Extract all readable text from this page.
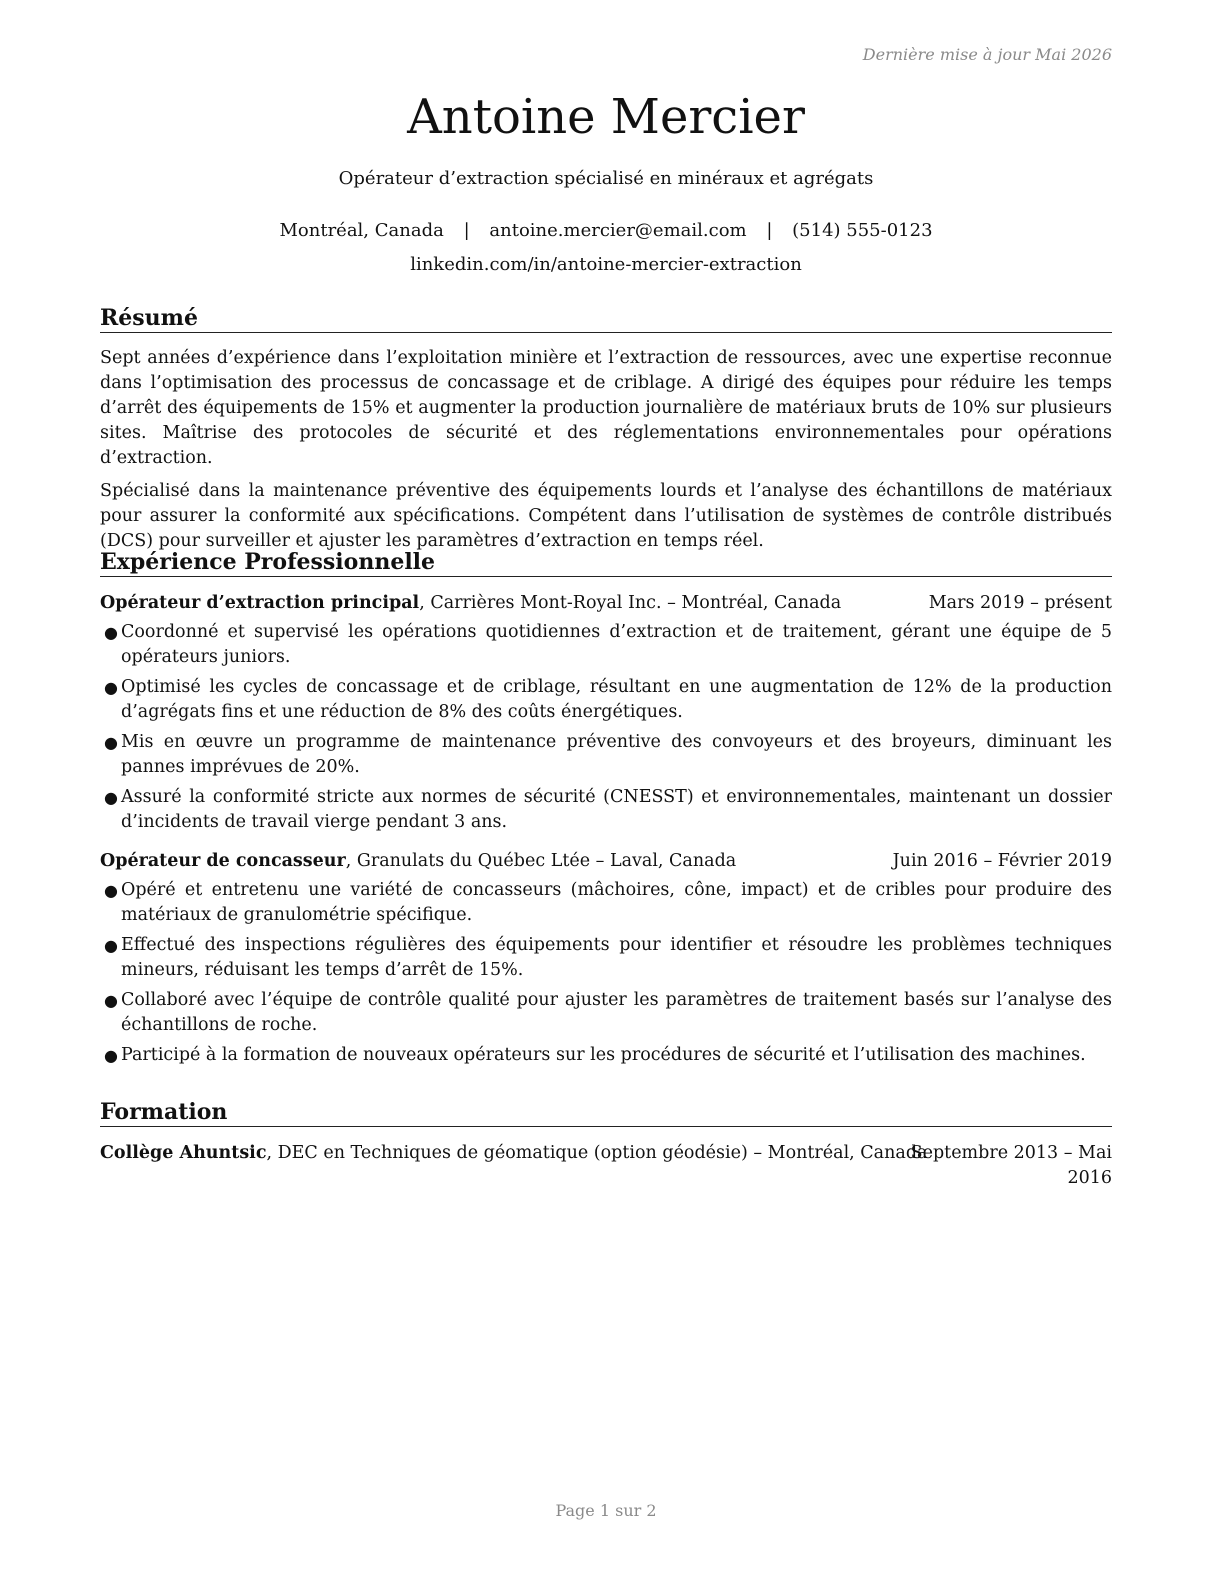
Dernière mise à jour Mai 2026
Antoine Mercier
Opérateur d’extraction spécialisé en minéraux et agrégats
Montréal, Canada | antoine.mercier@email.com | (514) 555-0123
linkedin.com/in/antoine-mercier-extraction
Résumé

Sept années d’expérience dans l’exploitation minière et l’extraction de ressources, avec une expertise reconnue dans l’optimisation des processus de concassage et de criblage. A dirigé des équipes pour réduire les temps d’arrêt des équipements de 15% et augmenter la production journalière de matériaux bruts de 10% sur plusieurs sites. Maîtrise des protocoles de sécurité et des réglementations environnementales pour opérations d’extraction.

Spécialisé dans la maintenance préventive des équipements lourds et l’analyse des échantillons de matériaux pour assurer la conformité aux spécifications. Compétent dans l’utilisation de systèmes de contrôle distribués (DCS) pour surveiller et ajuster les paramètres d’extraction en temps réel.

Expérience Professionnelle
Opérateur d’extraction principal, Carrières Mont-Royal Inc. – Montréal, Canada	Mars 2019 – présent
● Coordonné et supervisé les opérations quotidiennes d’extraction et de traitement, gérant une équipe de 5 opérateurs juniors.
● Optimisé les cycles de concassage et de criblage, résultant en une augmentation de 12% de la production d’agrégats fins et une réduction de 8% des coûts énergétiques.
● Mis en œuvre un programme de maintenance préventive des convoyeurs et des broyeurs, diminuant les pannes imprévues de 20%.
● Assuré la conformité stricte aux normes de sécurité (CNESST) et environnementales, maintenant un dossier d’incidents de travail vierge pendant 3 ans.
Opérateur de concasseur, Granulats du Québec Ltée – Laval, Canada	Juin 2016 – Février 2019
● Opéré et entretenu une variété de concasseurs (mâchoires, cône, impact) et de cribles pour produire des matériaux de granulométrie spécifique.
● Effectué des inspections régulières des équipements pour identifier et résoudre les problèmes techniques mineurs, réduisant les temps d’arrêt de 15%.
● Collaboré avec l’équipe de contrôle qualité pour ajuster les paramètres de traitement basés sur l’analyse des échantillons de roche.
● Participé à la formation de nouveaux opérateurs sur les procédures de sécurité et l’utilisation des machines.
Formation
Collège Ahuntsic, DEC en Techniques de géomatique (option géodésie) – Montréal, Canada
Septembre 2013 – Mai
2016
Page 1 sur 2
